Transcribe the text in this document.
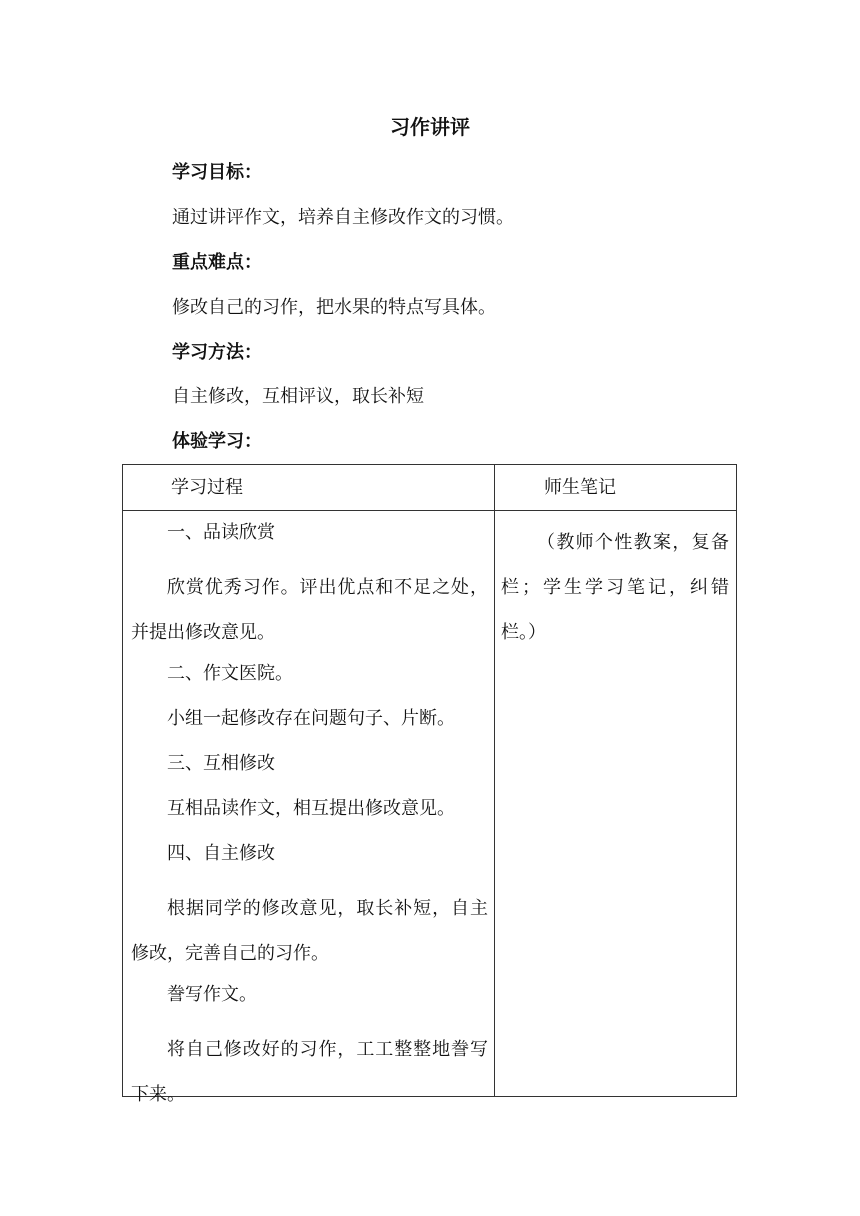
习作讲评
学习目标：
通过讲评作文，培养自主修改作文的习惯。
重点难点：
修改自己的习作，把水果的特点写具体。
学习方法：
自主修改，互相评议，取长补短
体验学习：
学习过程	师生笔记

一、品读欣赏

欣赏优秀习作。评出优点和不足之处，并提出修改意见。

二、作文医院。

小组一起修改存在问题句子、片断。

三、互相修改

互相品读作文，相互提出修改意见。

四、自主修改

根据同学的修改意见，取长补短，自主修改，完善自己的习作。

誊写作文。

将自己修改好的习作，工工整整地誊写下来。

（教师个性教案，复备栏；学生学习笔记，纠错栏。）
